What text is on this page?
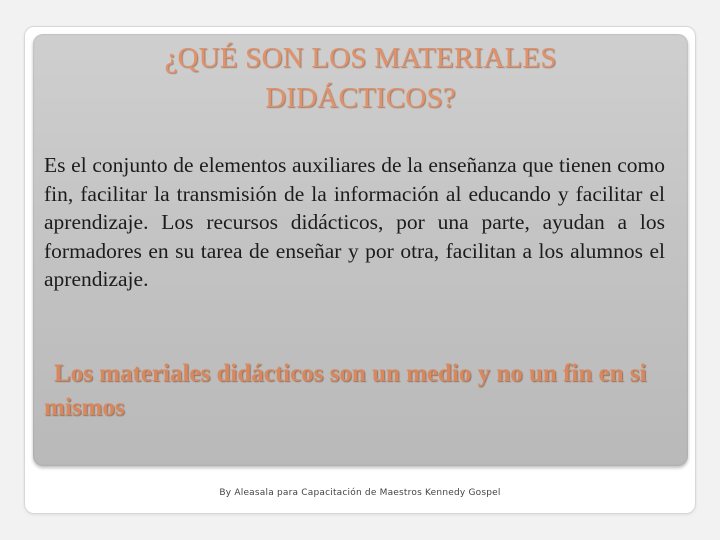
¿QUÉ SON LOS MATERIALES
DIDÁCTICOS?
Es el conjunto de elementos auxiliares de la enseñanza que tienen como fin, facilitar la transmisión de la información al educando y facilitar el aprendizaje. Los recursos didácticos, por una parte, ayudan a los formadores en su tarea de enseñar y por otra, facilitan a los alumnos el aprendizaje.
Los materiales didácticos son un medio y no un fin en si mismos
By Aleasala para Capacitación de Maestros Kennedy Gospel
